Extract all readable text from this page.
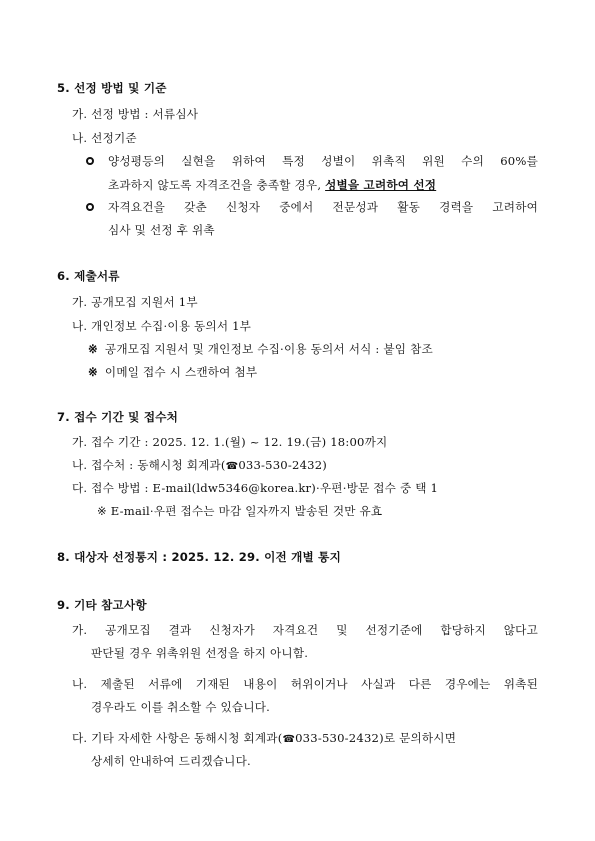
5. 선정 방법 및 기준
가. 선정 방법 : 서류심사
나. 선정기준
양성평등의 실현을 위하여 특정 성별이 위촉직 위원 수의 60%를
초과하지 않도록 자격조건을 충족할 경우, 성별을 고려하여 선정
자격요건을 갖춘 신청자 중에서 전문성과 활동 경력을 고려하여
심사 및 선정 후 위촉
6. 제출서류
가. 공개모집 지원서 1부
나. 개인정보 수집·이용 동의서 1부
※ 공개모집 지원서 및 개인정보 수집·이용 동의서 서식 : 붙임 참조
※ 이메일 접수 시 스캔하여 첨부
7. 접수 기간 및 접수처
가. 접수 기간 : 2025. 12. 1.(월) ~ 12. 19.(금) 18:00까지
나. 접수처 : 동해시청 회계과(☎033-530-2432)
다. 접수 방법 : E-mail(ldw5346@korea.kr)·우편·방문 접수 중 택 1
※ E-mail·우편 접수는 마감 일자까지 발송된 것만 유효
8. 대상자 선정통지 : 2025. 12. 29. 이전 개별 통지
9. 기타 참고사항
가. 공개모집 결과 신청자가 자격요건 및 선정기준에 합당하지 않다고
판단될 경우 위촉위원 선정을 하지 아니함.
나. 제출된 서류에 기재된 내용이 허위이거나 사실과 다른 경우에는 위촉된
경우라도 이를 취소할 수 있습니다.
다. 기타 자세한 사항은 동해시청 회계과(☎033-530-2432)로 문의하시면
상세히 안내하여 드리겠습니다.
